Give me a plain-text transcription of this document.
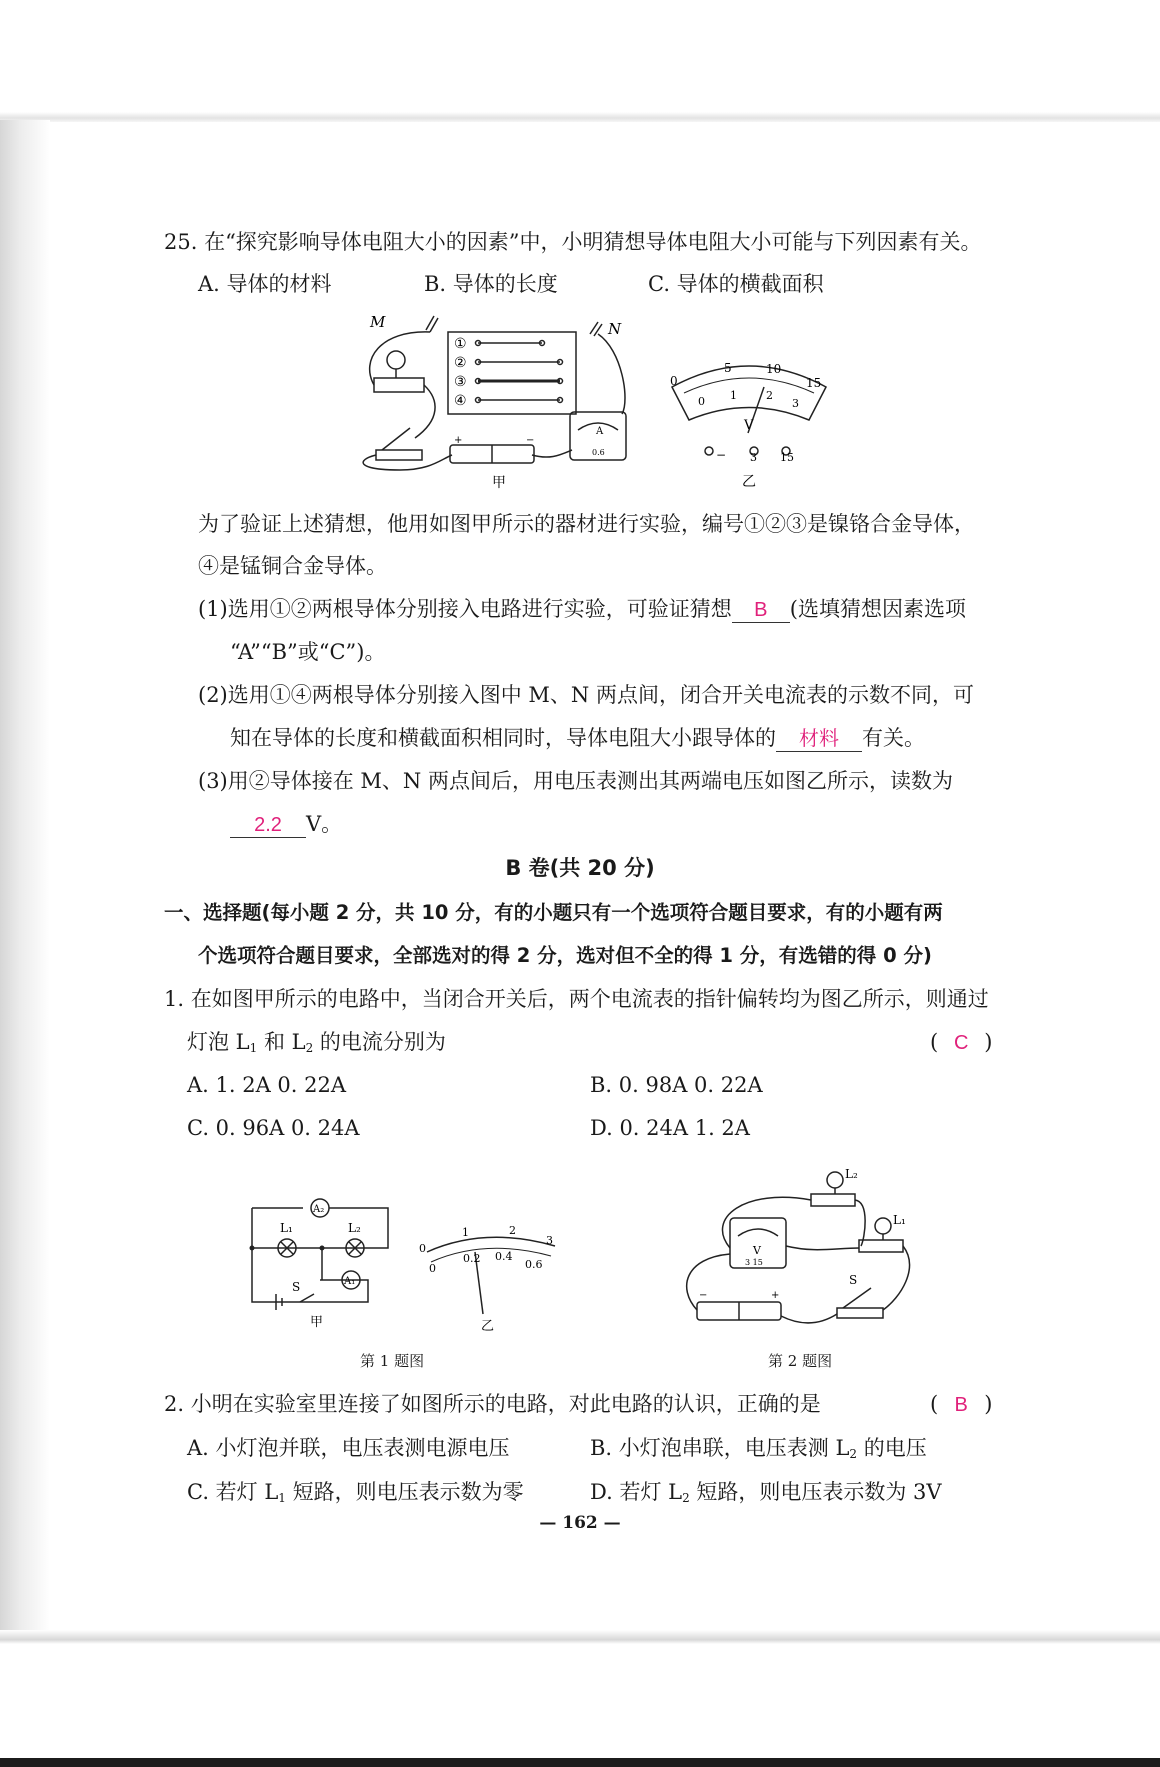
25. 在“探究影响导体电阻大小的因素”中，小明猜想导体电阻大小可能与下列因素有关。
A. 导体的材料	B. 导体的长度	C. 导体的横截面积
M	N
①
②
③
④
A
0.6
+	−
甲
0
5	10
15
0 1	2
3
V
− 3 15
乙
为了验证上述猜想，他用如图甲所示的器材进行实验，编号①②③是镍铬合金导体，
④是锰铜合金导体。
(1)选用①②两根导体分别接入电路进行实验，可验证猜想 B (选填猜想因素选项
“A”“B”或“C”)。
(2)选用①④两根导体分别接入图中 M、N 两点间，闭合开关电流表的示数不同，可
知在导体的长度和横截面积相同时，导体电阻大小跟导体的 材料 有关。
(3)用②导体接在 M、N 两点间后，用电压表测出其两端电压如图乙所示，读数为
2.2 V。
B 卷(共 20 分)
一、选择题(每小题 2 分，共 10 分，有的小题只有一个选项符合题目要求，有的小题有两
个选项符合题目要求，全部选对的得 2 分，选对但不全的得 1 分，有选错的得 0 分)
1. 在如图甲所示的电路中，当闭合开关后，两个电流表的指针偏转均为图乙所示，则通过
灯泡 $L_1$ 和 $L_2$ 的电流分别为	( C )
A. 1. 2A 0. 22A	B. 0. 98A 0. 22A
C. 0. 96A 0. 24A	D. 0. 24A 1. 2A
A₂
A₁
L₁	L₂
S
甲
0
1	2
3
0
0.2 0.4
0.6
乙
第 1 题图
L₂
L₁
V
3 15
S
−	+
第 2 题图
2. 小明在实验室里连接了如图所示的电路，对此电路的认识，正确的是	( B )
A. 小灯泡并联，电压表测电源电压	B. 小灯泡串联，电压表测 $L_2$ 的电压
C. 若灯 $L_1$ 短路，则电压表示数为零	D. 若灯 $L_2$ 短路，则电压表示数为 3V
— 162 —
